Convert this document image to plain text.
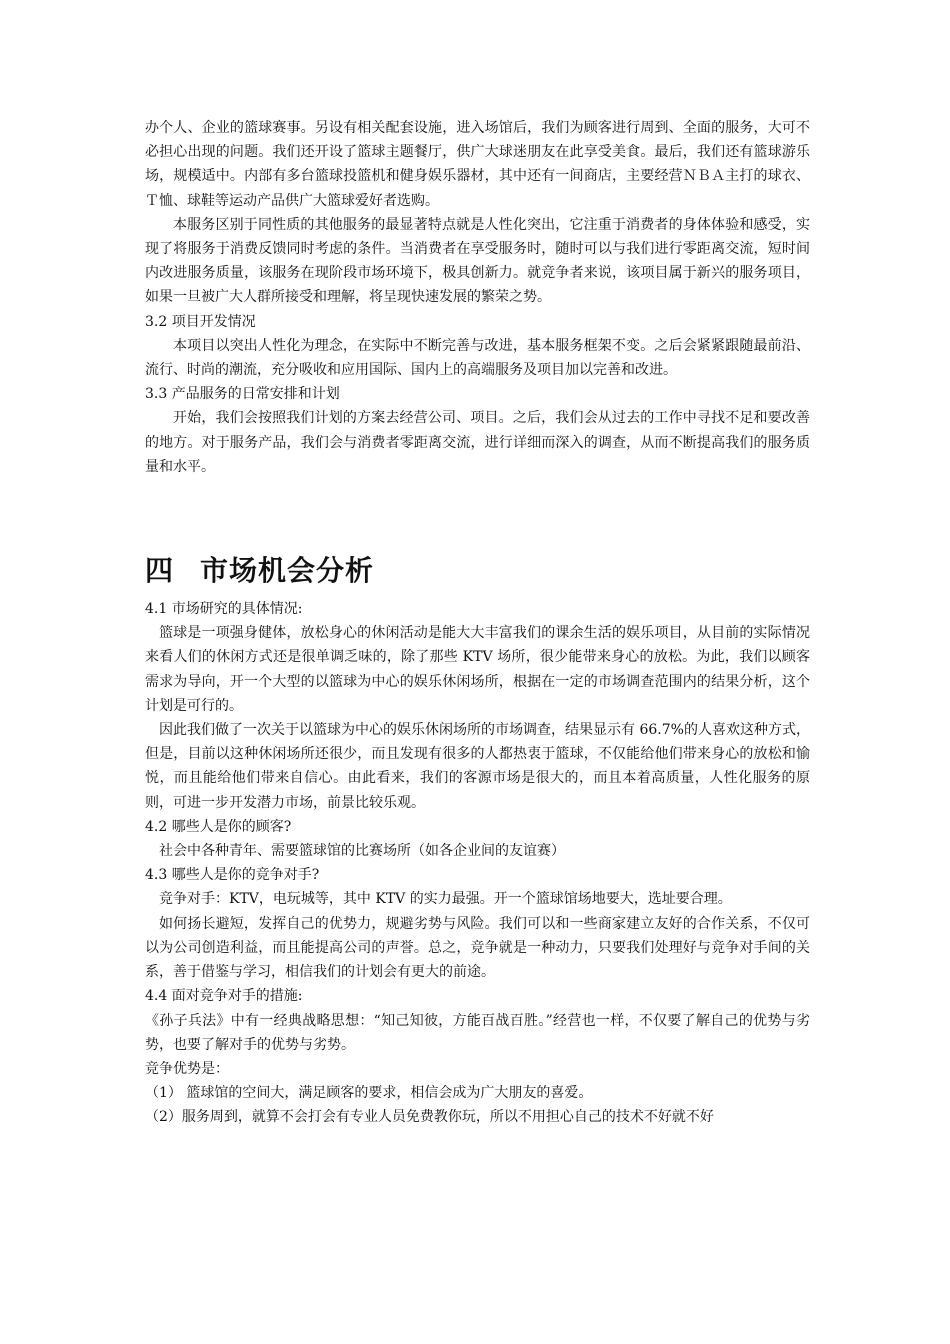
办个人、企业的篮球赛事。另设有相关配套设施，进入场馆后，我们为顾客进行周到、全面的服务，大可不必担心出现的问题。我们还开设了篮球主题餐厅，供广大球迷朋友在此享受美食。最后，我们还有篮球游乐场，规模适中。内部有多台篮球投篮机和健身娱乐器材，其中还有一间商店，主要经营ＮＢＡ主打的球衣、Ｔ恤、球鞋等运动产品供广大篮球爱好者选购。

本服务区别于同性质的其他服务的最显著特点就是人性化突出，它注重于消费者的身体体验和感受，实现了将服务于消费反馈同时考虑的条件。当消费者在享受服务时，随时可以与我们进行零距离交流，短时间内改进服务质量，该服务在现阶段市场环境下，极具创新力。就竞争者来说，该项目属于新兴的服务项目，如果一旦被广大人群所接受和理解，将呈现快速发展的繁荣之势。

3.2 项目开发情况

本项目以突出人性化为理念，在实际中不断完善与改进，基本服务框架不变。之后会紧紧跟随最前沿、流行、时尚的潮流，充分吸收和应用国际、国内上的高端服务及项目加以完善和改进。

3.3 产品服务的日常安排和计划

开始，我们会按照我们计划的方案去经营公司、项目。之后，我们会从过去的工作中寻找不足和要改善的地方。对于服务产品，我们会与消费者零距离交流，进行详细而深入的调查，从而不断提高我们的服务质量和水平。

四 市场机会分析

4.1 市场研究的具体情况:

篮球是一项强身健体，放松身心的休闲活动是能大大丰富我们的课余生活的娱乐项目，从目前的实际情况来看人们的休闲方式还是很单调乏味的，除了那些 KTV 场所，很少能带来身心的放松。为此，我们以顾客需求为导向，开一个大型的以篮球为中心的娱乐休闲场所，根据在一定的市场调查范围内的结果分析，这个计划是可行的。

因此我们做了一次关于以篮球为中心的娱乐休闲场所的市场调查，结果显示有 66.7%的人喜欢这种方式，但是，目前以这种休闲场所还很少，而且发现有很多的人都热衷于篮球，不仅能给他们带来身心的放松和愉悦，而且能给他们带来自信心。由此看来，我们的客源市场是很大的，而且本着高质量，人性化服务的原则，可进一步开发潜力市场，前景比较乐观。

4.2 哪些人是你的顾客?

社会中各种青年、需要篮球馆的比赛场所（如各企业间的友谊赛）

4.3 哪些人是你的竞争对手?

竞争对手：KTV，电玩城等，其中 KTV 的实力最强。开一个篮球馆场地要大，选址要合理。

如何扬长避短，发挥自己的优势力，规避劣势与风险。我们可以和一些商家建立友好的合作关系，不仅可以为公司创造利益，而且能提高公司的声誉。总之，竞争就是一种动力，只要我们处理好与竞争对手间的关系，善于借鉴与学习，相信我们的计划会有更大的前途。

4.4 面对竞争对手的措施:

《孙子兵法》中有一经典战略思想：“知己知彼，方能百战百胜。”经营也一样，不仅要了解自己的优势与劣势，也要了解对手的优势与劣势。

竞争优势是：

（1） 篮球馆的空间大，满足顾客的要求，相信会成为广大朋友的喜爱。

（2）服务周到，就算不会打会有专业人员免费教你玩，所以不用担心自己的技术不好就不好
